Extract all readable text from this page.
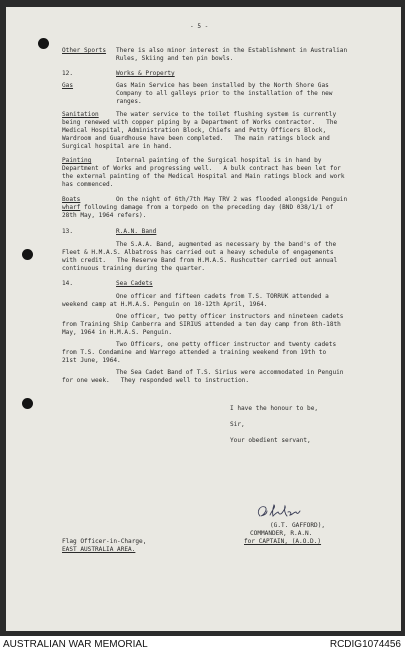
- 5 -
Other Sports There is also minor interest in the Establishment in Australian
Rules, Skiing and ten pin bowls.
12.	Works & Property
Gas	Gas Main Service has been installed by the North Shore Gas
Company to all galleys prior to the installation of the new
ranges.
Sanitation	The water service to the toilet flushing system is currently
being renewed with copper piping by a Department of Works contractor.   The
Medical Hospital, Administration Block, Chiefs and Petty Officers Block,
Wardroom and Guardhouse have been completed.   The main ratings block and
Surgical hospital are in hand.
Painting	Internal painting of the Surgical hospital is in hand by
Department of Works and progressing well.   A bulk contract has been let for
the external painting of the Medical Hospital and Main ratings block and work
has commenced.
Boats	On the night of 6th/7th May TRV 2 was flooded alongside Penguin
wharf following damage from a torpedo on the preceding day (BND 038/1/1 of
28th May, 1964 refers).
13.	R.A.N. Band
The S.A.A. Band, augmented as necessary by the band's of the
Fleet & H.M.A.S. Albatross has carried out a heavy schedule of engagements
with credit.   The Reserve Band from H.M.A.S. Rushcutter carried out annual
continuous training during the quarter.
14.	Sea Cadets
One officer and fifteen cadets from T.S. TORRUK attended a
weekend camp at H.M.A.S. Penguin on 10-12th April, 1964.
One officer, two petty officer instructors and nineteen cadets
from Training Ship Canberra and SIRIUS attended a ten day camp from 8th-18th
May, 1964 in H.M.A.S. Penguin.
Two Officers, one petty officer instructor and twenty cadets
from T.S. Condamine and Warrego attended a training weekend from 19th to
21st June, 1964.
The Sea Cadet Band of T.S. Sirius were accommodated in Penguin
for one week.   They responded well to instruction.
I have the honour to be,
Sir,
Your obedient servant,
(G.T. GAFFORD),
COMMANDER, R.A.N.
for CAPTAIN, (A.O.D.)
Flag Officer-in-Charge,
EAST AUSTRALIA AREA.
AUSTRALIAN WAR MEMORIAL	RCDIG1074456
